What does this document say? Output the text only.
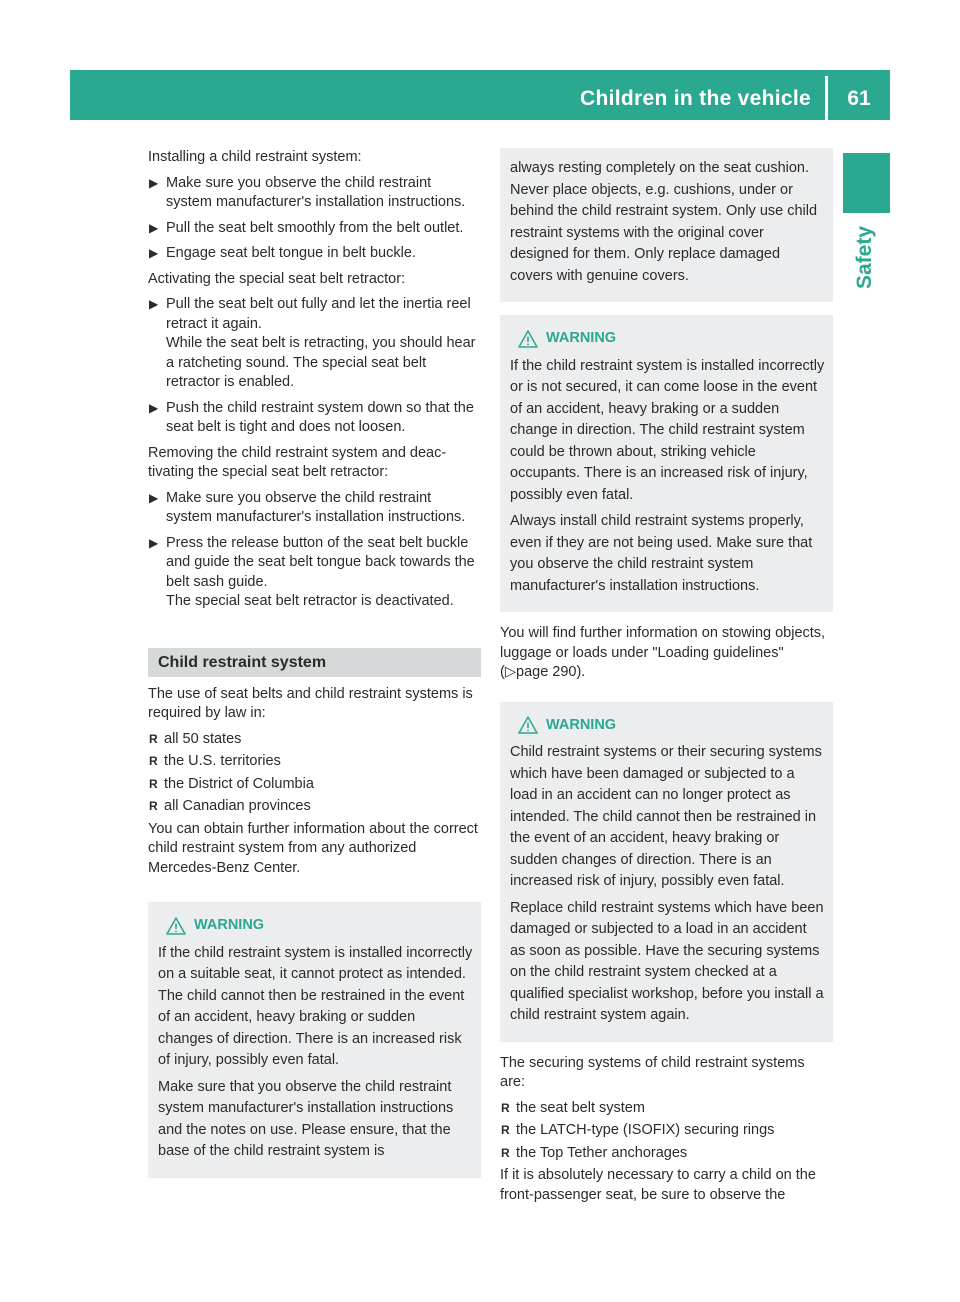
Children in the vehicle	61
Safety

Installing a child restraint system:

▶ Make sure you observe the child restraint system manufacturer's installation instructions.
▶ Pull the seat belt smoothly from the belt outlet.
▶ Engage seat belt tongue in belt buckle.

Activating the special seat belt retractor:

▶ Pull the seat belt out fully and let the inertia reel retract it again.
While the seat belt is retracting, you should hear a ratcheting sound. The special seat belt retractor is enabled.
▶ Push the child restraint system down so that the seat belt is tight and does not loosen.

Removing the child restraint system and deactivating the special seat belt retractor:

▶ Make sure you observe the child restraint system manufacturer's installation instructions.
▶ Press the release button of the seat belt buckle and guide the seat belt tongue back towards the belt sash guide.
The special seat belt retractor is deactivated.
Child restraint system

The use of seat belts and child restraint systems is required by law in:

R all 50 states
R the U.S. territories
R the District of Columbia
R all Canadian provinces

You can obtain further information about the correct child restraint system from any authorized Mercedes-Benz Center.

WARNING

If the child restraint system is installed incorrectly on a suitable seat, it cannot protect as intended. The child cannot then be restrained in the event of an accident, heavy braking or sudden changes of direction. There is an increased risk of injury, possibly even fatal.

Make sure that you observe the child restraint system manufacturer's installation instructions and the notes on use. Please ensure, that the base of the child restraint system is

always resting completely on the seat cushion. Never place objects, e.g. cushions, under or behind the child restraint system. Only use child restraint systems with the original cover designed for them. Only replace damaged covers with genuine covers.

WARNING

If the child restraint system is installed incorrectly or is not secured, it can come loose in the event of an accident, heavy braking or a sudden change in direction. The child restraint system could be thrown about, striking vehicle occupants. There is an increased risk of injury, possibly even fatal.

Always install child restraint systems properly, even if they are not being used. Make sure that you observe the child restraint system manufacturer's installation instructions.

You will find further information on stowing objects, luggage or loads under "Loading guidelines" (▷page 290).

WARNING

Child restraint systems or their securing systems which have been damaged or subjected to a load in an accident can no longer protect as intended. The child cannot then be restrained in the event of an accident, heavy braking or sudden changes of direction. There is an increased risk of injury, possibly even fatal.

Replace child restraint systems which have been damaged or subjected to a load in an accident as soon as possible. Have the securing systems on the child restraint system checked at a qualified specialist workshop, before you install a child restraint system again.

The securing systems of child restraint systems are:

R the seat belt system
R the LATCH-type (ISOFIX) securing rings
R the Top Tether anchorages

If it is absolutely necessary to carry a child on the front-passenger seat, be sure to observe the
